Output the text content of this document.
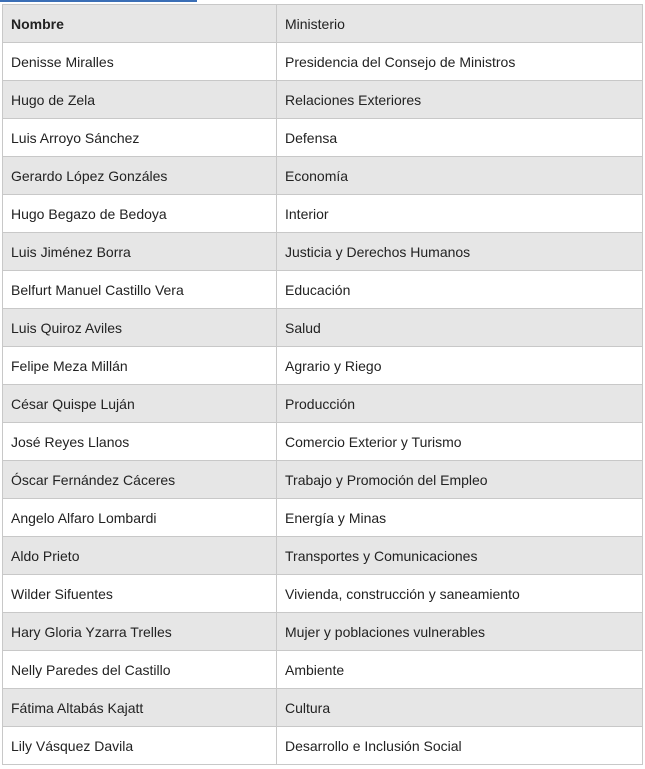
Nombre	Ministerio
Denisse Miralles	Presidencia del Consejo de Ministros
Hugo de Zela	Relaciones Exteriores
Luis Arroyo Sánchez	Defensa
Gerardo López Gonzáles	Economía
Hugo Begazo de Bedoya	Interior
Luis Jiménez Borra	Justicia y Derechos Humanos
Belfurt Manuel Castillo Vera	Educación
Luis Quiroz Aviles	Salud
Felipe Meza Millán	Agrario y Riego
César Quispe Luján	Producción
José Reyes Llanos	Comercio Exterior y Turismo
Óscar Fernández Cáceres	Trabajo y Promoción del Empleo
Angelo Alfaro Lombardi	Energía y Minas
Aldo Prieto	Transportes y Comunicaciones
Wilder Sifuentes	Vivienda, construcción y saneamiento
Hary Gloria Yzarra Trelles	Mujer y poblaciones vulnerables
Nelly Paredes del Castillo	Ambiente
Fátima Altabás Kajatt	Cultura
Lily Vásquez Davila	Desarrollo e Inclusión Social
